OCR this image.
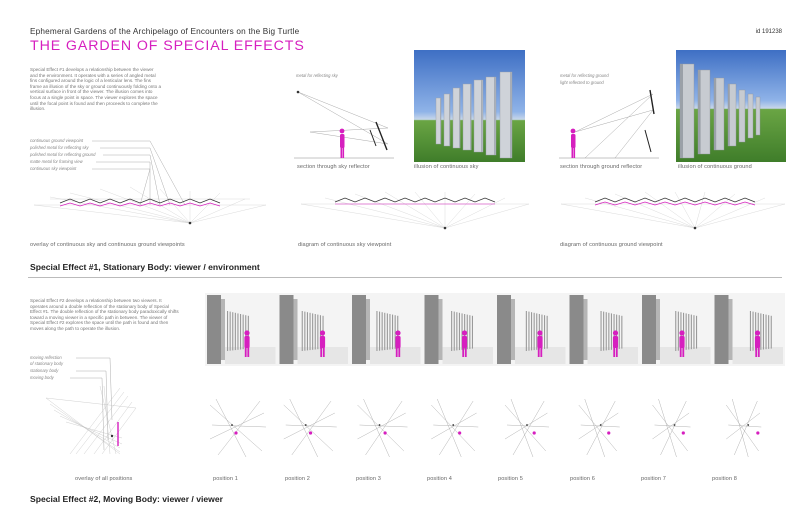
Ephemeral Gardens of the Archipelago of Encounters on the Big Turtle	id 191238
THE GARDEN OF SPECIAL EFFECTS
Special Effect #1 develops a relationship between the viewer and the environment. It operates with a series of angled metal fins configured around the logic of a lenticular lens. The fins frame an illusion of the sky or ground continuously folding onto a vertical surface in front of the viewer. The illusion comes into focus at a single point in space. The viewer explores the space until the focal point is found and then proceeds to complete the illusion.
continuous ground viewpoint
polished metal for reflecting sky
polished metal for reflecting ground
matte metal for framing view
continuous sky viewpoint
metal for reflecting sky
section through sky reflector	illusion of continuous sky
metal for reflecting ground
light reflected to ground
section through ground reflector	illusion of continuous ground
overlay of continuous sky and continuous ground viewpoints	diagram of continuous sky viewpoint	diagram of continuous ground viewpoint
Special Effect #1, Stationary Body: viewer / environment
Special Effect #2 develops a relationship between two viewers. It operates around a double reflection of the stationary body of Special Effect #1. The double reflection of the stationary body paradoxically shifts toward a moving viewer in a specific path in between. The viewer of Special Effect #2 explores the space until the path is found and then moves along the path to operate the illusion.
moving reflection
of stationary body
stationary body
moving body
overlay of all positions	position 1	position 2	position 3	position 4	position 5	position 6	position 7	position 8
Special Effect #2, Moving Body: viewer / viewer
